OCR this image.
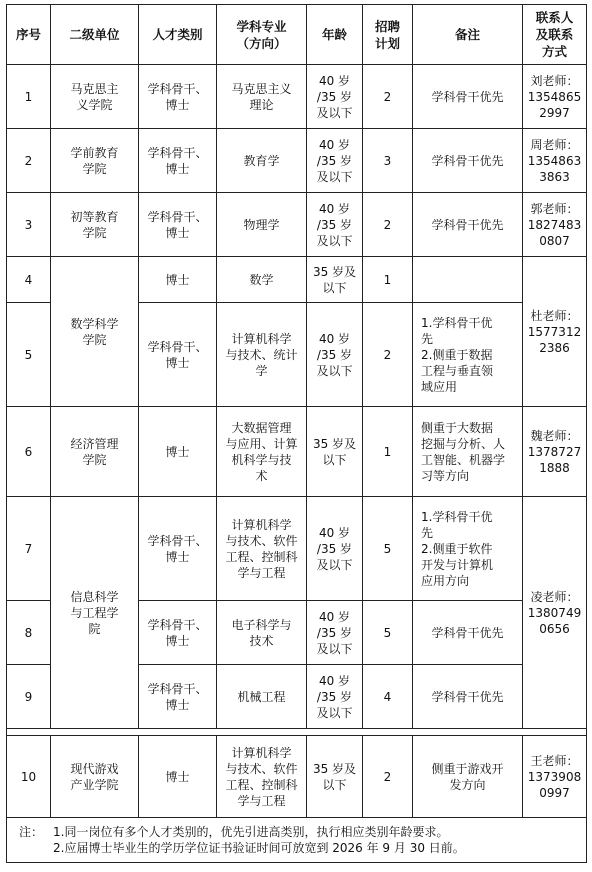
序号	二级单位	人才类别	学科专业
（方向）	年龄	招聘
计划	备注	联系人
及联系
方式

1	马克思主
义学院	学科骨干、
博士	马克思主义
理论	40 岁
/35 岁
及以下	2	学科骨干优先	刘老师：
1354865
2997

2	学前教育
学院	学科骨干、
博士	教育学	40 岁
/35 岁
及以下	3	学科骨干优先	周老师：
1354863
3863

3	初等教育
学院	学科骨干、
博士	物理学	40 岁
/35 岁
及以下	2	学科骨干优先	郭老师：
1827483
0807

4	数学科学
学院	博士	数学	35 岁及
以下	1		杜老师：
1577312
2386

5		学科骨干、
博士	计算机科学
与技术、统计
学	40 岁
/35 岁
及以下	2	1.学科骨干优
先
2.侧重于数据
工程与垂直领
域应用	

6	经济管理
学院	博士	大数据管理
与应用、计算
机科学与技
术	35 岁及
以下	1	侧重于大数据
挖掘与分析、人
工智能、机器学
习等方向	魏老师：
1378727
1888

7	信息科学
与工程学
院	学科骨干、
博士	计算机科学
与技术、软件
工程、控制科
学与工程	40 岁
/35 岁
及以下	5	1.学科骨干优
先
2.侧重于软件
开发与计算机
应用方向	凌老师：
1380749
0656

8		学科骨干、
博士	电子科学与
技术	40 岁
/35 岁
及以下	5	学科骨干优先	

9		学科骨干、
博士	机械工程	40 岁
/35 岁
及以下	4	学科骨干优先	

10	现代游戏
产业学院	博士	计算机科学
与技术、软件
工程、控制科
学与工程	35 岁及
以下	2	侧重于游戏开
发方向	王老师：
1373908
0997

注： 1.同一岗位有多个人才类别的，优先引进高类别，执行相应类别年龄要求。
2.应届博士毕业生的学历学位证书验证时间可放宽到 2026 年 9 月 30 日前。							
